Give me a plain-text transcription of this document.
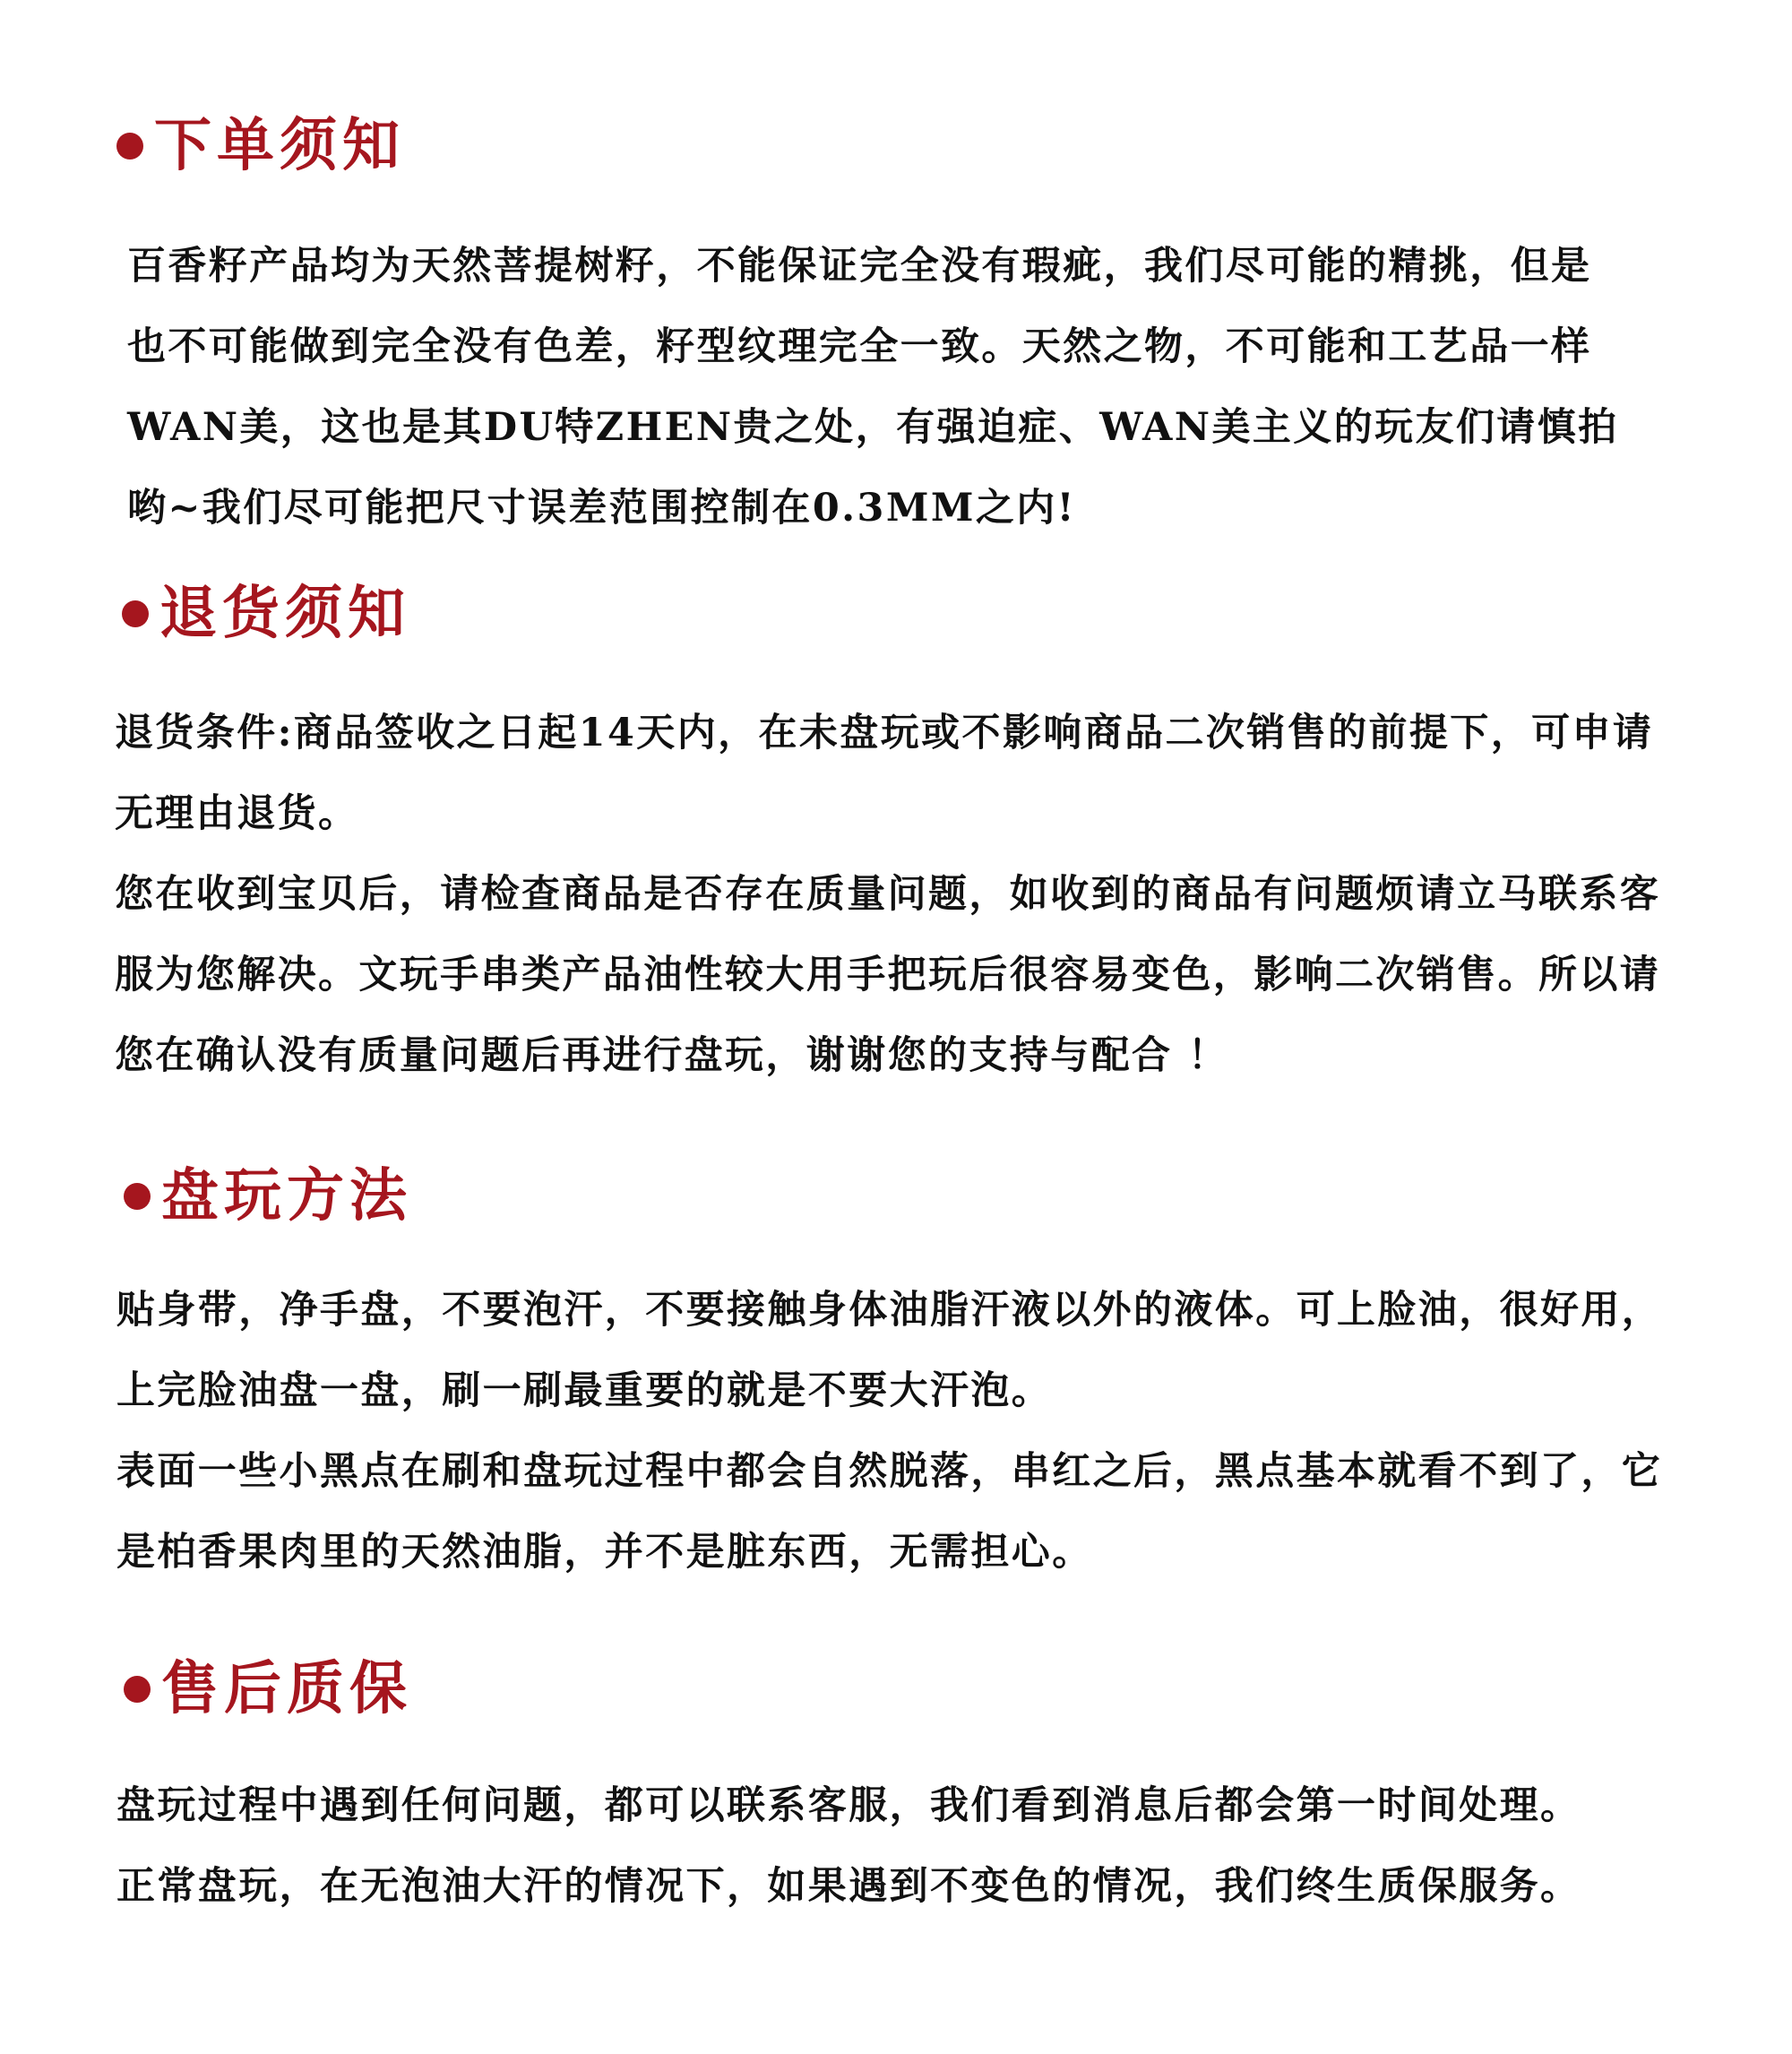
下单须知

百香籽产品均为天然菩提树籽，不能保证完全没有瑕疵，我们尽可能的精挑，但是

也不可能做到完全没有色差，籽型纹理完全一致。天然之物，不可能和工艺品一样

WAN美，这也是其DU特ZHEN贵之处，有强迫症、WAN美主义的玩友们请慎拍

哟~我们尽可能把尺寸误差范围控制在0.3MM之内!

退货须知

退货条件:商品签收之日起14天内，在未盘玩或不影响商品二次销售的前提下，可申请

无理由退货。

您在收到宝贝后，请检查商品是否存在质量问题，如收到的商品有问题烦请立马联系客

服为您解决。文玩手串类产品油性较大用手把玩后很容易变色，影响二次销售。所以请

您在确认没有质量问题后再进行盘玩，谢谢您的支持与配合 ！

盘玩方法

贴身带，净手盘，不要泡汗，不要接触身体油脂汗液以外的液体。可上脸油，很好用，

上完脸油盘一盘，刷一刷最重要的就是不要大汗泡。

表面一些小黑点在刷和盘玩过程中都会自然脱落，串红之后，黑点基本就看不到了，它

是柏香果肉里的天然油脂，并不是脏东西，无需担心。

售后质保

盘玩过程中遇到任何问题，都可以联系客服，我们看到消息后都会第一时间处理。

正常盘玩，在无泡油大汗的情况下，如果遇到不变色的情况，我们终生质保服务。
